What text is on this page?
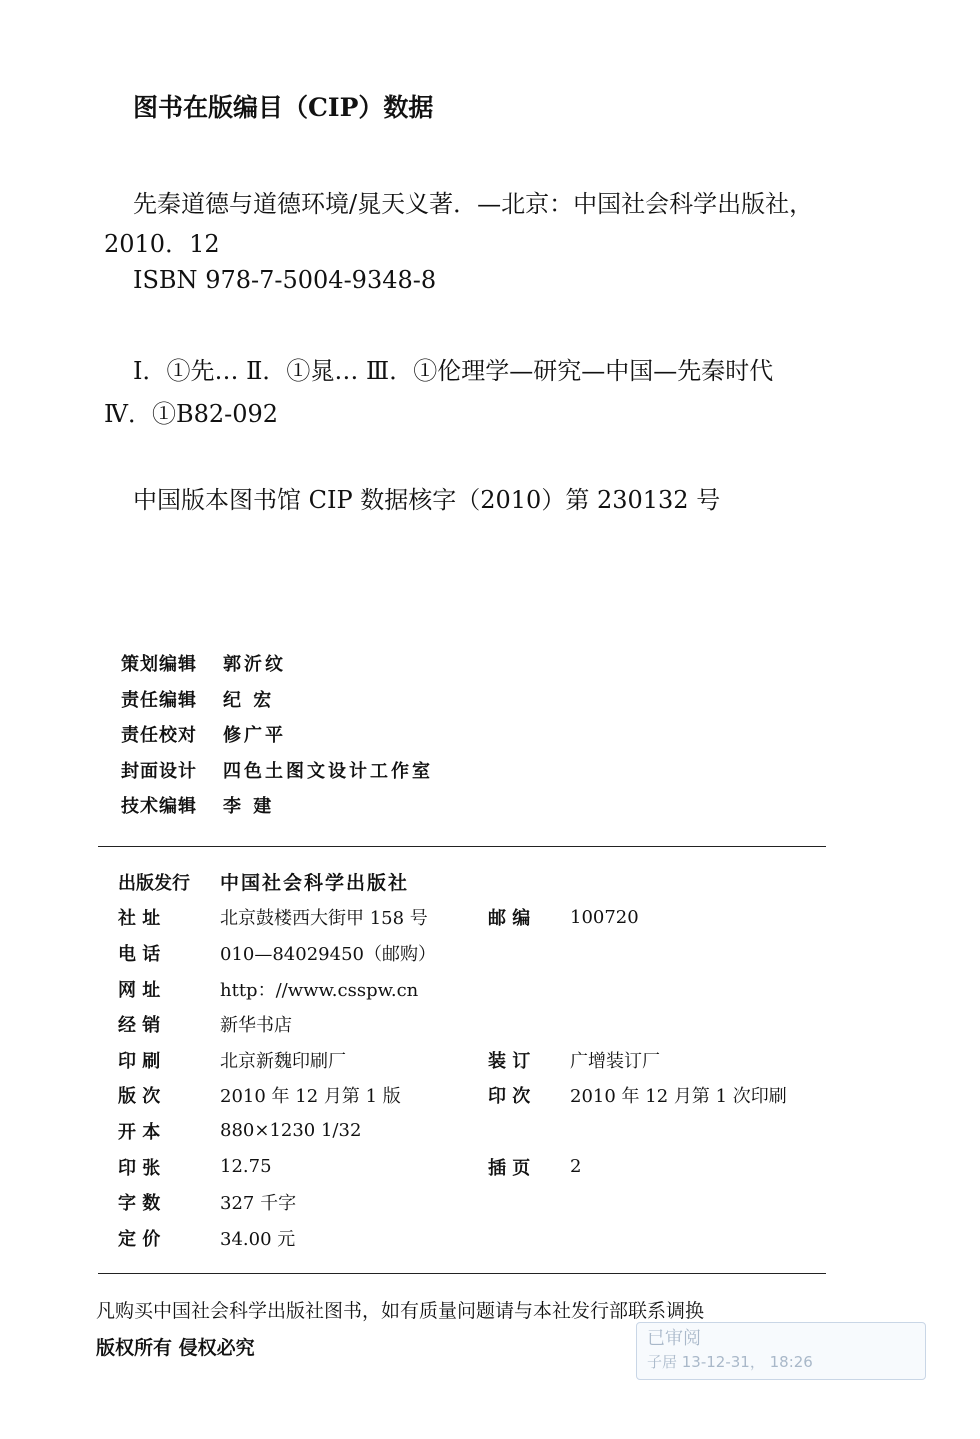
图书在版编目（CIP）数据
先秦道德与道德环境/晁天义著．—北京：中国社会科学出版社，
2010．12
ISBN 978-7-5004-9348-8
Ⅰ．①先… Ⅱ．①晁… Ⅲ．①伦理学—研究—中国—先秦时代
Ⅳ．①B82-092
中国版本图书馆 CIP 数据核字（2010）第 230132 号
策划编辑	郭沂纹
责任编辑	纪 宏
责任校对	修广平
封面设计	四色土图文设计工作室
技术编辑	李 建
出版发行	中国社会科学出版社
社 址	北京鼓楼西大街甲 158 号	邮 编	100720
电 话	010—84029450（邮购）
网 址	http：//www.csspw.cn
经 销	新华书店
印 刷	北京新魏印刷厂	装 订	广增装订厂
版 次	2010 年 12 月第 1 版	印 次	2010 年 12 月第 1 次印刷
开 本	880×1230 1/32
印 张	12.75	插 页	2
字 数	327 千字
定 价	34.00 元
凡购买中国社会科学出版社图书，如有质量问题请与本社发行部联系调换
版权所有 侵权必究	已审阅
子居 13-12-31， 18:26
